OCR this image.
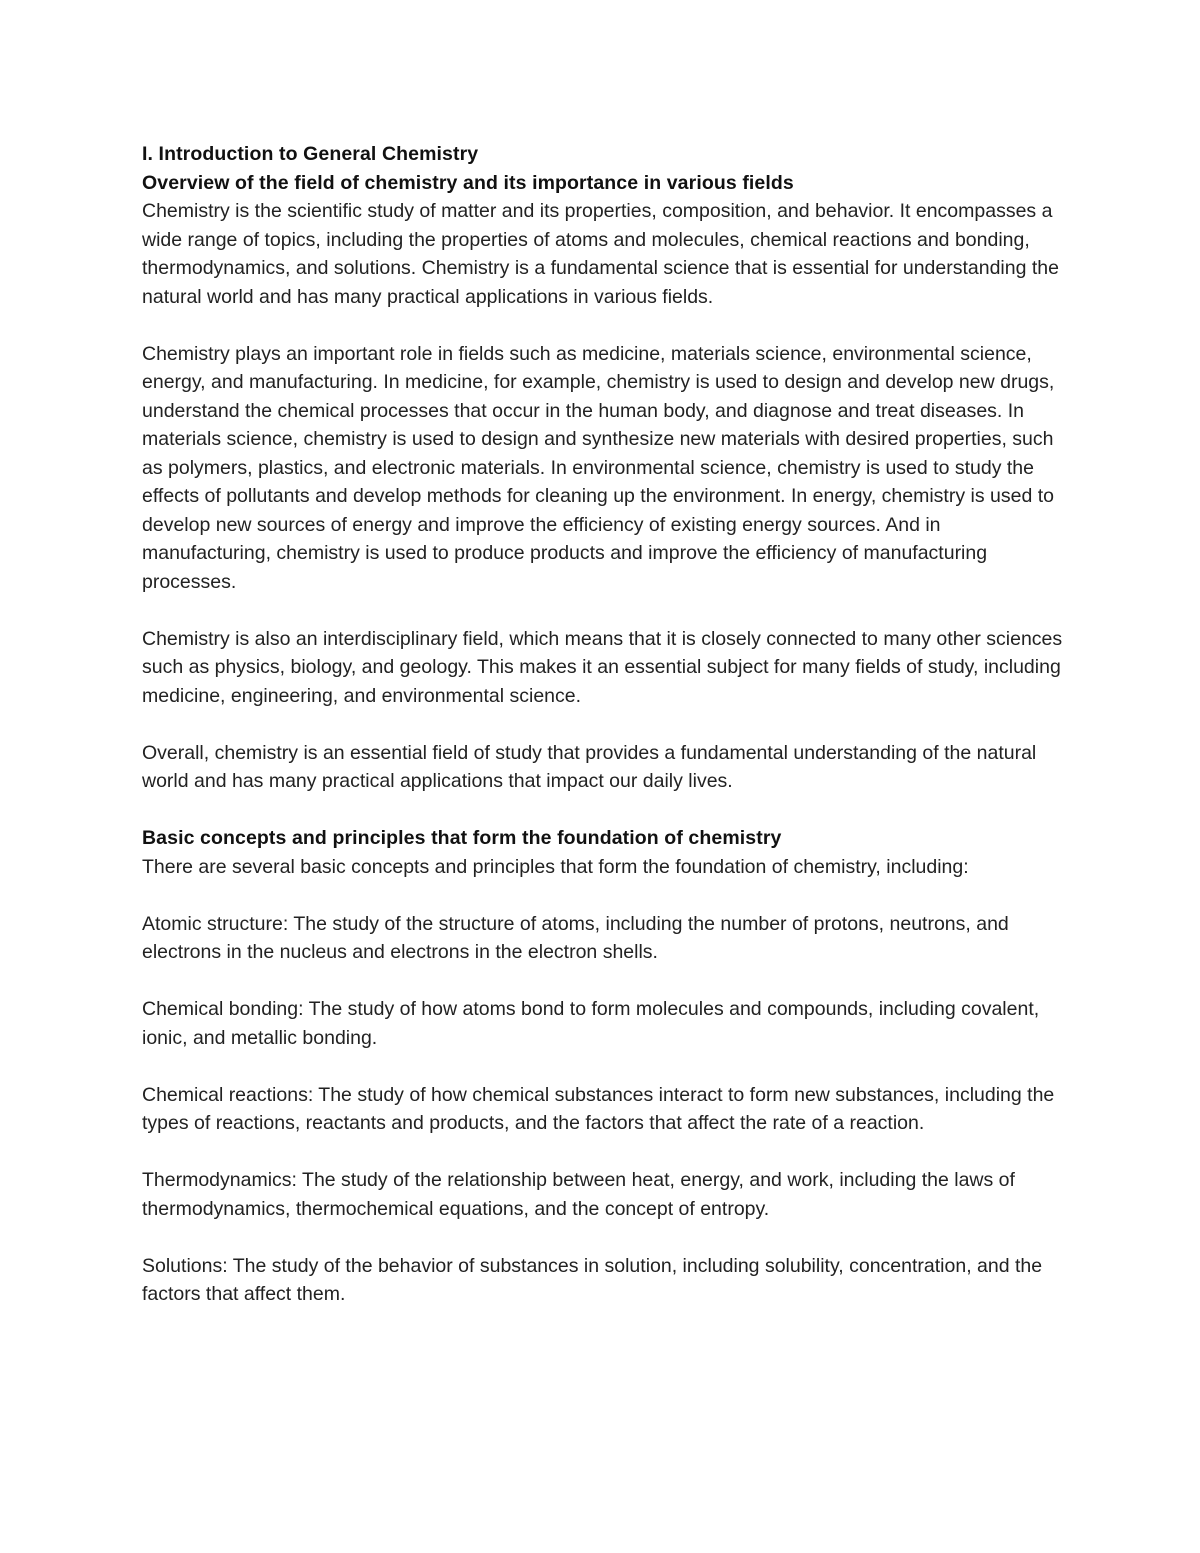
I. Introduction to General Chemistry

Overview of the field of chemistry and its importance in various fields

Chemistry is the scientific study of matter and its properties, composition, and behavior. It encompasses a wide range of topics, including the properties of atoms and molecules, chemical reactions and bonding, thermodynamics, and solutions. Chemistry is a fundamental science that is essential for understanding the natural world and has many practical applications in various fields.

Chemistry plays an important role in fields such as medicine, materials science, environmental science, energy, and manufacturing. In medicine, for example, chemistry is used to design and develop new drugs, understand the chemical processes that occur in the human body, and diagnose and treat diseases. In materials science, chemistry is used to design and synthesize new materials with desired properties, such as polymers, plastics, and electronic materials. In environmental science, chemistry is used to study the effects of pollutants and develop methods for cleaning up the environment. In energy, chemistry is used to develop new sources of energy and improve the efficiency of existing energy sources. And in manufacturing, chemistry is used to produce products and improve the efficiency of manufacturing processes.

Chemistry is also an interdisciplinary field, which means that it is closely connected to many other sciences such as physics, biology, and geology. This makes it an essential subject for many fields of study, including medicine, engineering, and environmental science.

Overall, chemistry is an essential field of study that provides a fundamental understanding of the natural world and has many practical applications that impact our daily lives.

Basic concepts and principles that form the foundation of chemistry

There are several basic concepts and principles that form the foundation of chemistry, including:

Atomic structure: The study of the structure of atoms, including the number of protons, neutrons, and electrons in the nucleus and electrons in the electron shells.

Chemical bonding: The study of how atoms bond to form molecules and compounds, including covalent, ionic, and metallic bonding.

Chemical reactions: The study of how chemical substances interact to form new substances, including the types of reactions, reactants and products, and the factors that affect the rate of a reaction.

Thermodynamics: The study of the relationship between heat, energy, and work, including the laws of thermodynamics, thermochemical equations, and the concept of entropy.

Solutions: The study of the behavior of substances in solution, including solubility, concentration, and the factors that affect them.
